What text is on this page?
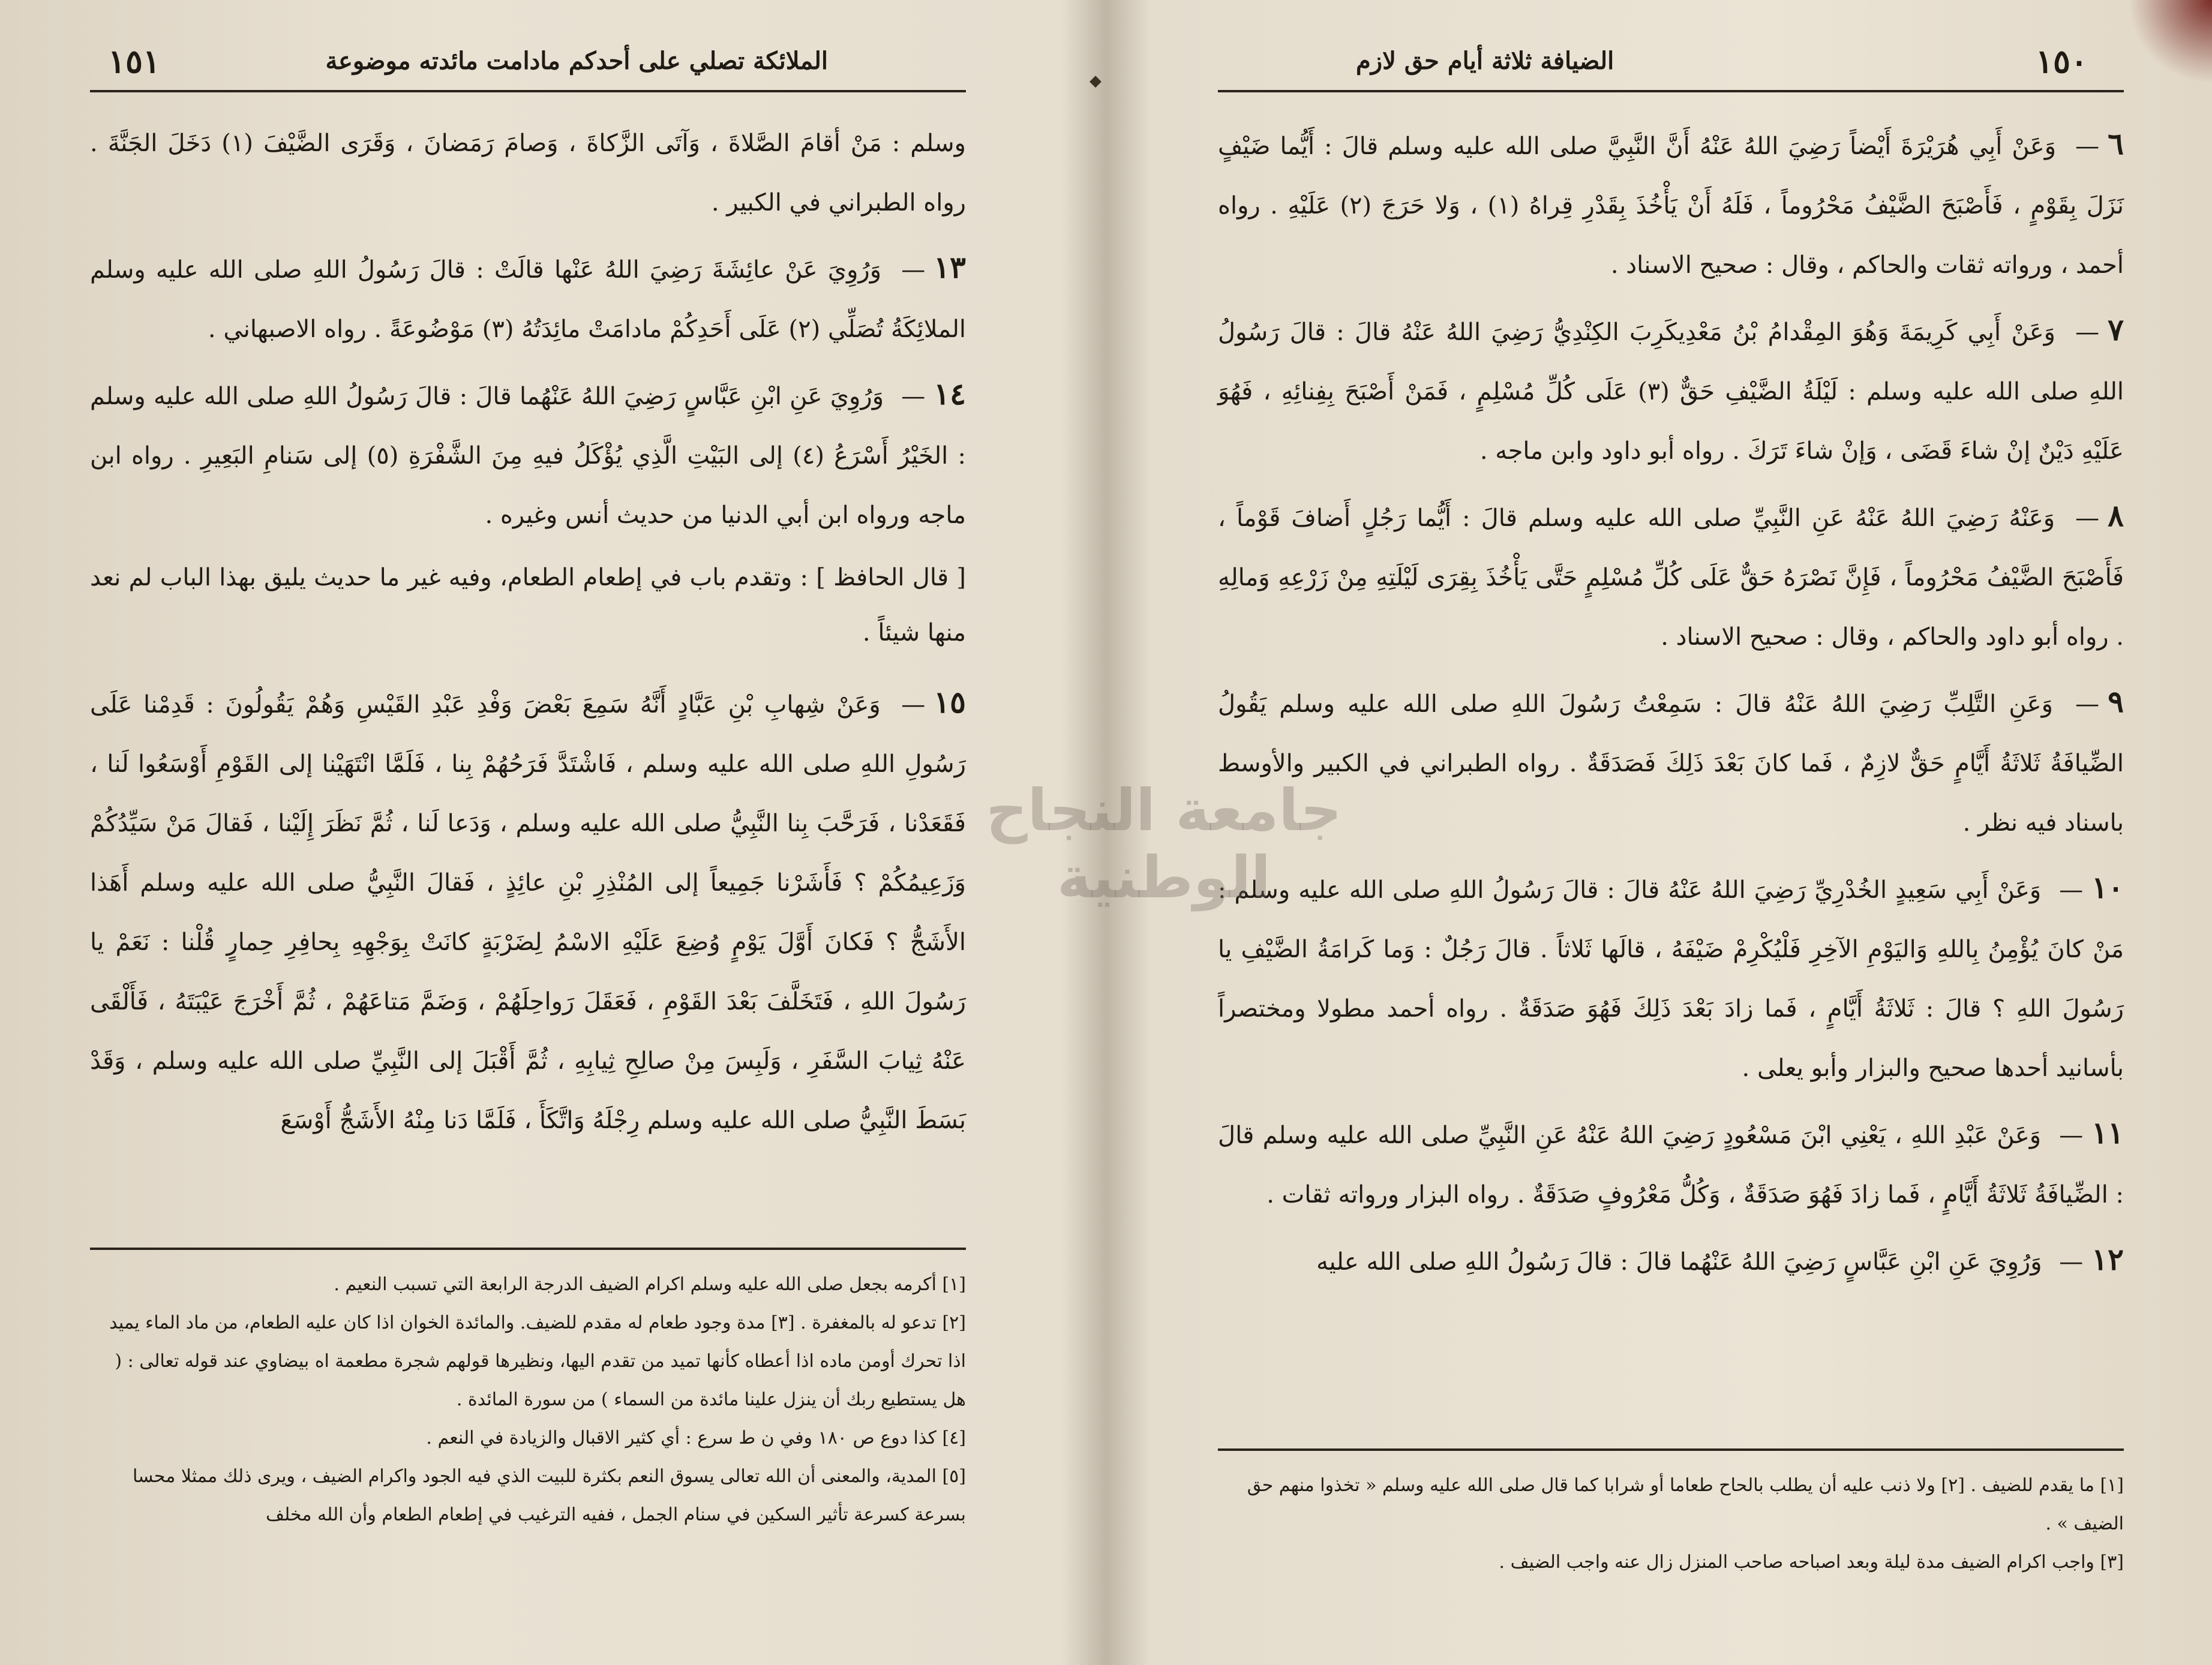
الملائكة تصلي على أحدكم مادامت مائدته موضوعة
١٥١

وسلم : مَنْ أقامَ الصَّلاةَ ، وَآتَى الزَّكاةَ ، وَصامَ رَمَضانَ ، وَقَرَى الضَّيْفَ (١) دَخَلَ الجَنَّةَ . رواه الطبراني في الكبير .

١٣— وَرُوِيَ عَنْ عائِشَةَ رَضِيَ اللهُ عَنْها قالَتْ : قالَ رَسُولُ اللهِ صلى الله عليه وسلم الملائِكَةُ تُصَلِّي (٢) عَلَى أَحَدِكُمْ مادامَتْ مائِدَتُهُ (٣) مَوْضُوعَةً . رواه الاصبهاني .

١٤— وَرُوِيَ عَنِ ابْنِ عَبَّاسٍ رَضِيَ اللهُ عَنْهُما قالَ : قالَ رَسُولُ اللهِ صلى الله عليه وسلم : الخَيْرُ أَسْرَعُ (٤) إلى البَيْتِ الَّذِي يُؤْكَلُ فيهِ مِنَ الشَّفْرَةِ (٥) إلى سَنامِ البَعِيرِ . رواه ابن ماجه ورواه ابن أبي الدنيا من حديث أنس وغيره .

[ قال الحافظ ] : وتقدم باب في إطعام الطعام، وفيه غير ما حديث يليق بهذا الباب لم نعد منها شيئاً .

١٥— وَعَنْ شِهابِ بْنِ عَبَّادٍ أَنَّهُ سَمِعَ بَعْضَ وَفْدِ عَبْدِ القَيْسِ وَهُمْ يَقُولُونَ : قَدِمْنا عَلَى رَسُولِ اللهِ صلى الله عليه وسلم ، فَاشْتَدَّ فَرَحُهُمْ بِنا ، فَلَمَّا انْتَهَيْنا إلى القَوْمِ أَوْسَعُوا لَنا ، فَقَعَدْنا ، فَرَحَّبَ بِنا النَّبِيُّ صلى الله عليه وسلم ، وَدَعا لَنا ، ثُمَّ نَظَرَ إِلَيْنا ، فَقالَ مَنْ سَيِّدُكُمْ وَزَعِيمُكُمْ ؟ فَأَشَرْنا جَمِيعاً إلى المُنْذِرِ بْنِ عائِذٍ ، فَقالَ النَّبِيُّ صلى الله عليه وسلم أَهَذا الأَشَجُّ ؟ فَكانَ أَوَّلَ يَوْمٍ وُضِعَ عَلَيْهِ الاسْمُ لِضَرْبَةٍ كانَتْ بِوَجْهِهِ بِحافِرِ حِمارٍ قُلْنا : نَعَمْ يا رَسُولَ اللهِ ، فَتَخَلَّفَ بَعْدَ القَوْمِ ، فَعَقَلَ رَواحِلَهُمْ ، وَضَمَّ مَتاعَهُمْ ، ثُمَّ أَخْرَجَ عَيْبَتَهُ ، فَأَلْقَى عَنْهُ ثِيابَ السَّفَرِ ، وَلَبِسَ مِنْ صالِحِ ثِيابِهِ ، ثُمَّ أَقْبَلَ إلى النَّبِيِّ صلى الله عليه وسلم ، وَقَدْ بَسَطَ النَّبِيُّ صلى الله عليه وسلم رِجْلَهُ وَاتَّكَأَ ، فَلَمَّا دَنا مِنْهُ الأَشَجُّ أَوْسَعَ

[١] أكرمه بجعل صلى الله عليه وسلم اكرام الضيف الدرجة الرابعة التي تسبب النعيم .
[٢] تدعو له بالمغفرة . [٣] مدة وجود طعام له مقدم للضيف. والمائدة الخوان اذا كان عليه الطعام، من ماد الماء يميد اذا تحرك أومن ماده اذا أعطاه كأنها تميد من تقدم اليها، ونظيرها قولهم شجرة مطعمة اه بيضاوي عند قوله تعالى : ( هل يستطيع ربك أن ينزل علينا مائدة من السماء ) من سورة المائدة .
[٤] كذا دوع ص ١٨٠ وفي ن ط سرع : أي كثير الاقبال والزيادة في النعم .
[٥] المدية، والمعنى أن الله تعالى يسوق النعم بكثرة للبيت الذي فيه الجود واكرام الضيف ، ويرى ذلك ممثلا محسا بسرعة كسرعة تأثير السكين في سنام الجمل ، ففيه الترغيب في إطعام الطعام وأن الله مخلف
◆
١٥٠
الضيافة ثلاثة أيام حق لازم

٦— وَعَنْ أَبِي هُرَيْرَةَ أَيْضاً رَضِيَ اللهُ عَنْهُ أَنَّ النَّبِيَّ صلى الله عليه وسلم قالَ : أَيُّما ضَيْفٍ نَزَلَ بِقَوْمٍ ، فَأَصْبَحَ الضَّيْفُ مَحْرُوماً ، فَلَهُ أَنْ يَأْخُذَ بِقَدْرِ قِراهُ (١) ، وَلا حَرَجَ (٢) عَلَيْهِ . رواه أحمد ، ورواته ثقات والحاكم ، وقال : صحيح الاسناد .

٧— وَعَنْ أَبِي كَرِيمَةَ وَهُوَ المِقْدامُ بْنُ مَعْدِيكَرِبَ الكِنْدِيُّ رَضِيَ اللهُ عَنْهُ قالَ : قالَ رَسُولُ اللهِ صلى الله عليه وسلم : لَيْلَةُ الضَّيْفِ حَقٌّ (٣) عَلَى كُلِّ مُسْلِمٍ ، فَمَنْ أَصْبَحَ بِفِنائِهِ ، فَهُوَ عَلَيْهِ دَيْنٌ إنْ شاءَ قَضَى ، وَإنْ شاءَ تَرَكَ . رواه أبو داود وابن ماجه .

٨— وَعَنْهُ رَضِيَ اللهُ عَنْهُ عَنِ النَّبِيِّ صلى الله عليه وسلم قالَ : أَيُّما رَجُلٍ أَضافَ قَوْماً ، فَأَصْبَحَ الضَّيْفُ مَحْرُوماً ، فَإِنَّ نَصْرَهُ حَقٌّ عَلَى كُلِّ مُسْلِمٍ حَتَّى يَأْخُذَ بِقِرَى لَيْلَتِهِ مِنْ زَرْعِهِ وَمالِهِ . رواه أبو داود والحاكم ، وقال : صحيح الاسناد .

٩— وَعَنِ التَّلِبِّ رَضِيَ اللهُ عَنْهُ قالَ : سَمِعْتُ رَسُولَ اللهِ صلى الله عليه وسلم يَقُولُ الضِّيافَةُ ثَلاثَةُ أَيَّامٍ حَقٌّ لازِمٌ ، فَما كانَ بَعْدَ ذَلِكَ فَصَدَقَةٌ . رواه الطبراني في الكبير والأوسط باسناد فيه نظر .

١٠— وَعَنْ أَبِي سَعِيدٍ الخُدْرِيِّ رَضِيَ اللهُ عَنْهُ قالَ : قالَ رَسُولُ اللهِ صلى الله عليه وسلم : مَنْ كانَ يُؤْمِنُ بِاللهِ وَاليَوْمِ الآخِرِ فَلْيُكْرِمْ ضَيْفَهُ ، قالَها ثَلاثاً . قالَ رَجُلٌ : وَما كَرامَةُ الضَّيْفِ يا رَسُولَ اللهِ ؟ قالَ : ثَلاثَةُ أَيَّامٍ ، فَما زادَ بَعْدَ ذَلِكَ فَهُوَ صَدَقَةٌ . رواه أحمد مطولا ومختصراً بأسانيد أحدها صحيح والبزار وأبو يعلى .

١١— وَعَنْ عَبْدِ اللهِ ، يَعْنِي ابْنَ مَسْعُودٍ رَضِيَ اللهُ عَنْهُ عَنِ النَّبِيِّ صلى الله عليه وسلم قالَ : الضِّيافَةُ ثَلاثَةُ أَيَّامٍ ، فَما زادَ فَهُوَ صَدَقَةٌ ، وَكُلُّ مَعْرُوفٍ صَدَقَةٌ . رواه البزار ورواته ثقات .

١٢— وَرُوِيَ عَنِ ابْنِ عَبَّاسٍ رَضِيَ اللهُ عَنْهُما قالَ : قالَ رَسُولُ اللهِ صلى الله عليه

[١] ما يقدم للضيف . [٢] ولا ذنب عليه أن يطلب بالحاح طعاما أو شرابا كما قال صلى الله عليه وسلم « تخذوا منهم حق الضيف » .
[٣] واجب اكرام الضيف مدة ليلة وبعد اصباحه صاحب المنزل زال عنه واجب الضيف .
جامعة النجاح الوطنية
